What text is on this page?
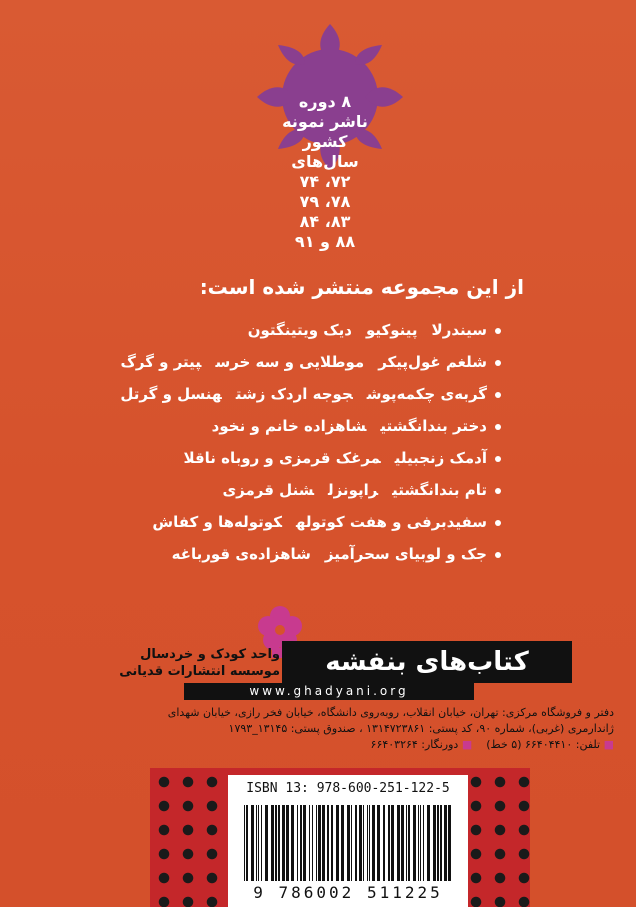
۸ دوره
ناشر نمونه
کشور
سال‌های
۷۲، ۷۴
۷۸، ۷۹
۸۳، ۸۴
۸۸ و ۹۱
از این مجموعه منتشر شده است:
سیندرلاپینوکیودیک ویتینگتون
شلغم غول‌پیکرموطلایی و سه خرسپیتر و گرگ
گربه‌ی چکمه‌پوشجوجه اردک زشتهنسل و گرتل
دختر بندانگشتیشاهزاده خانم و نخود
آدمک زنجبیلیمرغک قرمزی و روباه ناقلا
تام بندانگشتیراپونزلشنل قرمزی
سفیدبرفی و هفت کوتولهکوتوله‌ها و کفاش
جک و لوبیای سحرآمیزشاهزاده‌ی قورباغه
کتاب‌های بنفشه
واحد کودک و خردسال
موسسه انتشارات قدیانی
www.ghadyani.org
دفتر و فروشگاه مرکزی: تهران، خیابان انقلاب، روبه‌روی دانشگاه، خیابان فخر رازی، خیابان شهدای
ژاندارمری (غربی)، شماره ۹۰، کد پستی: ۱۳۱۴۷۲۳۸۶۱ ، صندوق پستی: ۱۳۱۴۵_۱۷۹۳
■ تلفن: ۶۶۴۰۴۴۱۰ (۵ خط)    ■ دورنگار: ۶۶۴۰۳۲۶۴
ISBN 13: 978-600-251-122-5
9 786002 511225
